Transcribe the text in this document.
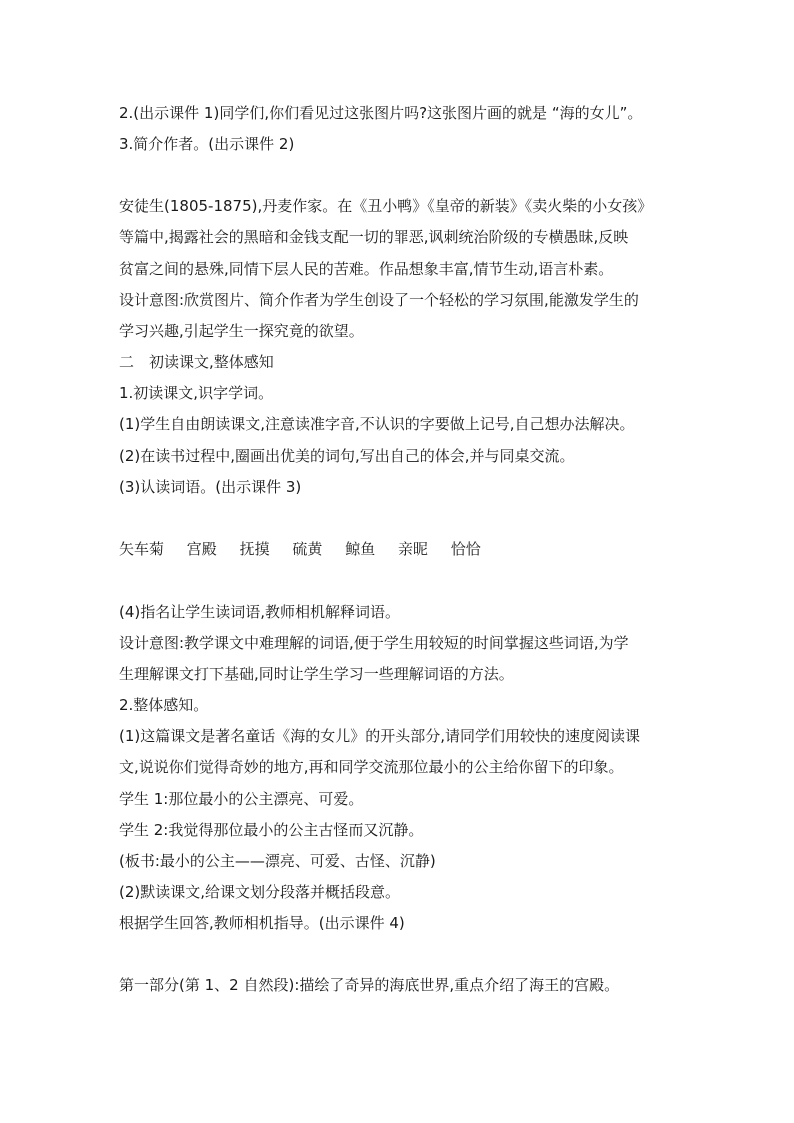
2.(出示课件 1)同学们,你们看见过这张图片吗?这张图片画的就是 “海的女儿”。
3.简介作者。(出示课件 2)
安徒生(1805-1875),丹麦作家。在《丑小鸭》《皇帝的新装》《卖火柴的小女孩》
等篇中,揭露社会的黑暗和金钱支配一切的罪恶,讽刺统治阶级的专横愚昧,反映
贫富之间的悬殊,同情下层人民的苦难。作品想象丰富,情节生动,语言朴素。
设计意图:欣赏图片、简介作者为学生创设了一个轻松的学习氛围,能激发学生的
学习兴趣,引起学生一探究竟的欲望。
二　初读课文,整体感知
1.初读课文,识字学词。
(1)学生自由朗读课文,注意读准字音,不认识的字要做上记号,自己想办法解决。
(2)在读书过程中,圈画出优美的词句,写出自己的体会,并与同桌交流。
(3)认读词语。(出示课件 3)
矢车菊 宫殿 抚摸 硫黄 鲸鱼 亲昵 恰恰
(4)指名让学生读词语,教师相机解释词语。
设计意图:教学课文中难理解的词语,便于学生用较短的时间掌握这些词语,为学
生理解课文打下基础,同时让学生学习一些理解词语的方法。
2.整体感知。
(1)这篇课文是著名童话《海的女儿》的开头部分,请同学们用较快的速度阅读课
文,说说你们觉得奇妙的地方,再和同学交流那位最小的公主给你留下的印象。
学生 1:那位最小的公主漂亮、可爱。
学生 2:我觉得那位最小的公主古怪而又沉静。
(板书:最小的公主——漂亮、可爱、古怪、沉静)
(2)默读课文,给课文划分段落并概括段意。
根据学生回答,教师相机指导。(出示课件 4)
第一部分(第 1、2 自然段):描绘了奇异的海底世界,重点介绍了海王的宫殿。
